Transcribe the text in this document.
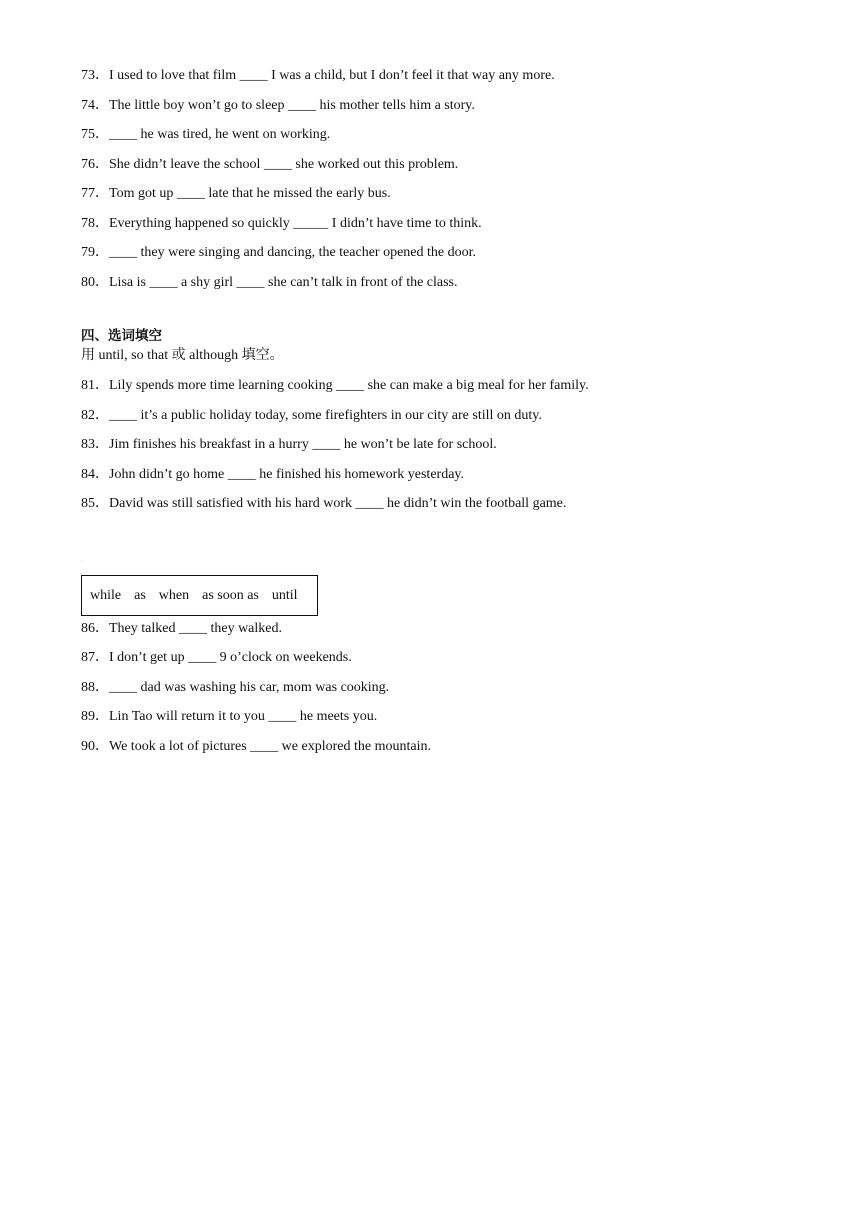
73．I used to love that film ____ I was a child, but I don’t feel it that way any more.
74．The little boy won’t go to sleep ____ his mother tells him a story.
75．____ he was tired, he went on working.
76．She didn’t leave the school ____ she worked out this problem.
77．Tom got up ____ late that he missed the early bus.
78．Everything happened so quickly _____ I didn’t have time to think.
79．____ they were singing and dancing, the teacher opened the door.
80．Lisa is ____ a shy girl ____ she can’t talk in front of the class.
四、选词填空
用 until, so that 或 although 填空。
81．Lily spends more time learning cooking ____ she can make a big meal for her family.
82．____ it’s a public holiday today, some firefighters in our city are still on duty.
83．Jim finishes his breakfast in a hurry ____ he won’t be late for school.
84．John didn’t go home ____ he finished his homework yesterday.
85．David was still satisfied with his hard work ____ he didn’t win the football game.
·
while as when as soon as until
86．They talked ____ they walked.
87．I don’t get up ____ 9 o’clock on weekends.
88．____ dad was washing his car, mom was cooking.
89．Lin Tao will return it to you ____ he meets you.
90．We took a lot of pictures ____ we explored the mountain.
